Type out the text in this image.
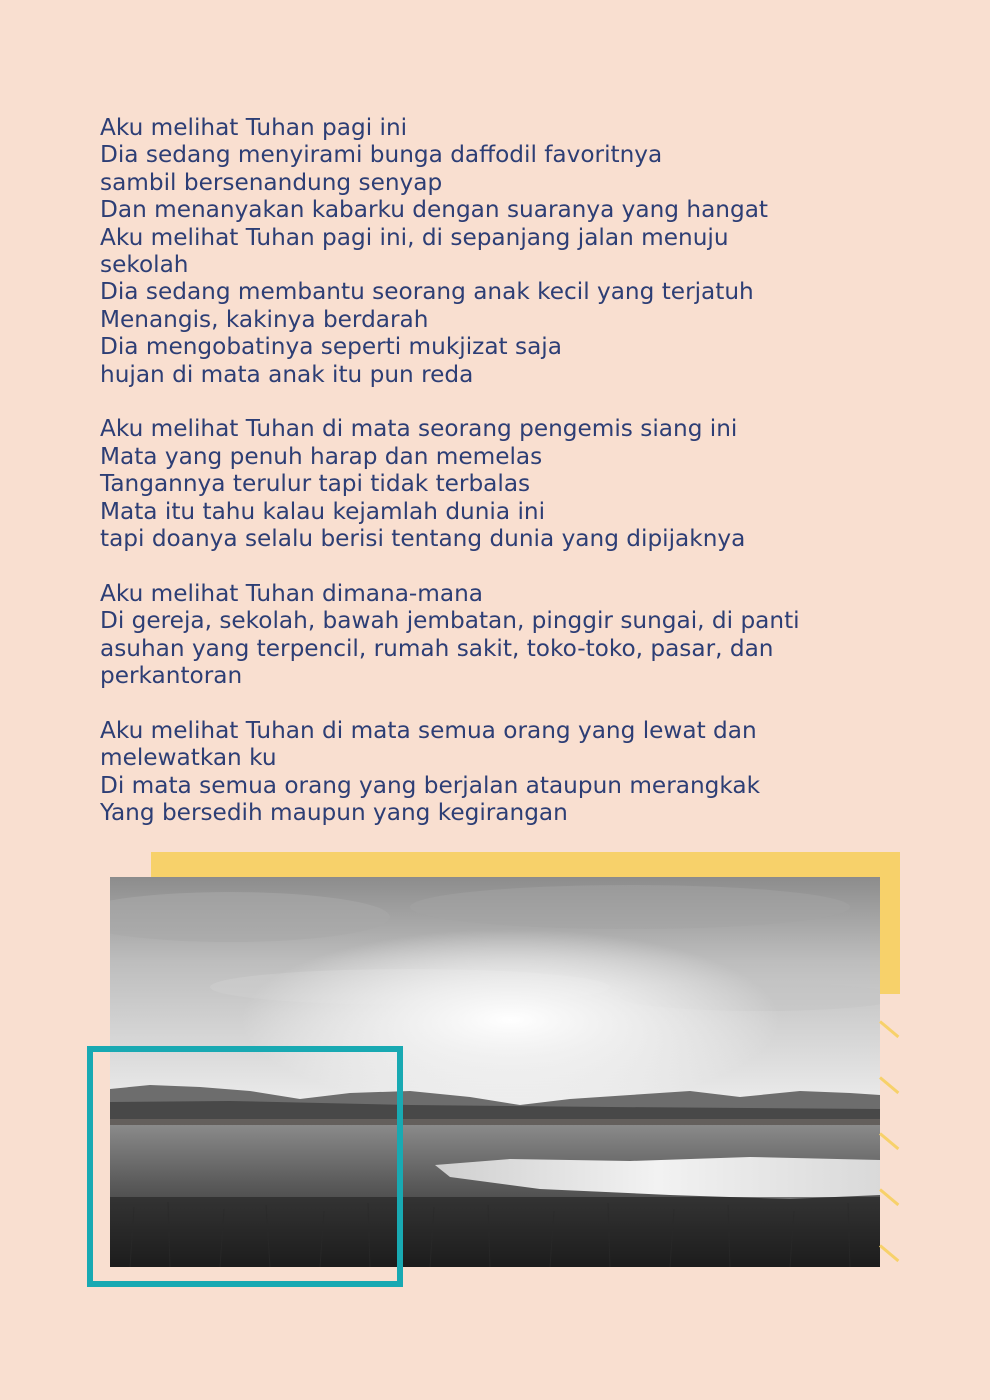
Aku melihat Tuhan pagi ini
Dia sedang menyirami bunga daffodil favoritnya
sambil bersenandung senyap
Dan menanyakan kabarku dengan suaranya yang hangat
Aku melihat Tuhan pagi ini, di sepanjang jalan menuju sekolah
Dia sedang membantu seorang anak kecil yang terjatuh
Menangis, kakinya berdarah
Dia mengobatinya seperti mukjizat saja
hujan di mata anak itu pun reda
Aku melihat Tuhan di mata seorang pengemis siang ini
Mata yang penuh harap dan memelas
Tangannya terulur tapi tidak terbalas
Mata itu tahu kalau kejamlah dunia ini
tapi doanya selalu berisi tentang dunia yang dipijaknya
Aku melihat Tuhan dimana-mana
Di gereja, sekolah, bawah jembatan, pinggir sungai, di panti asuhan yang terpencil, rumah sakit, toko-toko, pasar, dan perkantoran
Aku melihat Tuhan di mata semua orang yang lewat dan melewatkan ku
Di mata semua orang yang berjalan ataupun merangkak
Yang bersedih maupun yang kegirangan
